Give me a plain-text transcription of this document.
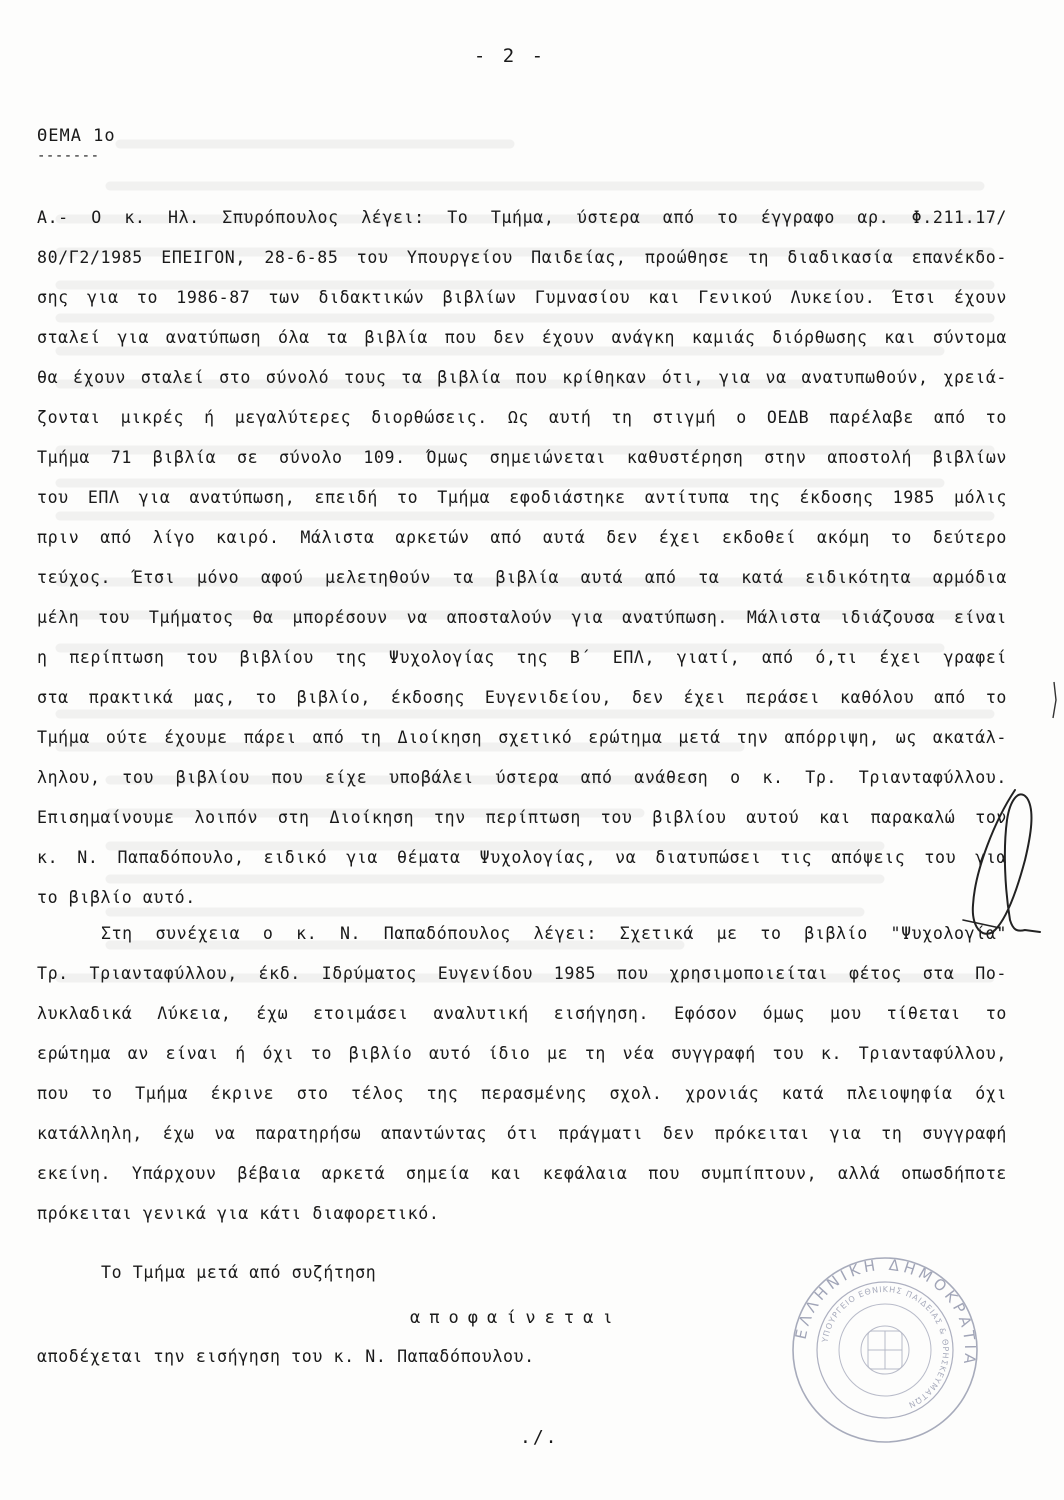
- 2 -
ΘΕΜΑ 1ο
-------
Α.- Ο κ. Ηλ. Σπυρόπουλος λέγει: Το Τμήμα, ύστερα από το έγγραφο αρ. Φ.211.17/
80/Γ2/1985 ΕΠΕΙΓΟΝ, 28-6-85 του Υπουργείου Παιδείας, προώθησε τη διαδικασία επανέκδο-
σης για το 1986-87 των διδακτικών βιβλίων Γυμνασίου και Γενικού Λυκείου. Έτσι έχουν
σταλεί για ανατύπωση όλα τα βιβλία που δεν έχουν ανάγκη καμιάς διόρθωσης και σύντομα
θα έχουν σταλεί στο σύνολό τους τα βιβλία που κρίθηκαν ότι, για να ανατυπωθούν, χρειά-
ζονται μικρές ή μεγαλύτερες διορθώσεις. Ως αυτή τη στιγμή ο ΟΕΔΒ παρέλαβε από το
Τμήμα 71 βιβλία σε σύνολο 109. Όμως σημειώνεται καθυστέρηση στην αποστολή βιβλίων
του ΕΠΛ για ανατύπωση, επειδή το Τμήμα εφοδιάστηκε αντίτυπα της έκδοσης 1985 μόλις
πριν από λίγο καιρό. Μάλιστα αρκετών από αυτά δεν έχει εκδοθεί ακόμη το δεύτερο
τεύχος. Έτσι μόνο αφού μελετηθούν τα βιβλία αυτά από τα κατά ειδικότητα αρμόδια
μέλη του Τμήματος θα μπορέσουν να αποσταλούν για ανατύπωση. Μάλιστα ιδιάζουσα είναι
η περίπτωση του βιβλίου της Ψυχολογίας της Β΄ ΕΠΛ, γιατί, από ό,τι έχει γραφεί
στα πρακτικά μας, το βιβλίο, έκδοσης Ευγενιδείου, δεν έχει περάσει καθόλου από το
Τμήμα ούτε έχουμε πάρει από τη Διοίκηση σχετικό ερώτημα μετά την απόρριψη, ως ακατάλ-
ληλου, του βιβλίου που είχε υποβάλει ύστερα από ανάθεση ο κ. Τρ. Τριανταφύλλου.
Επισημαίνουμε λοιπόν στη Διοίκηση την περίπτωση του βιβλίου αυτού και παρακαλώ τον
κ. Ν. Παπαδόπουλο, ειδικό για θέματα Ψυχολογίας, να διατυπώσει τις απόψεις του για
το βιβλίο αυτό.
Στη συνέχεια ο κ. Ν. Παπαδόπουλος λέγει: Σχετικά με το βιβλίο "Ψυχολογία"
Τρ. Τριανταφύλλου, έκδ. Ιδρύματος Ευγενίδου 1985 που χρησιμοποιείται φέτος στα Πο-
λυκλαδικά Λύκεια, έχω ετοιμάσει αναλυτική εισήγηση. Εφόσον όμως μου τίθεται το
ερώτημα αν είναι ή όχι το βιβλίο αυτό ίδιο με τη νέα συγγραφή του κ. Τριανταφύλλου,
που το Τμήμα έκρινε στο τέλος της περασμένης σχολ. χρονιάς κατά πλειοψηφία όχι
κατάλληλη, έχω να παρατηρήσω απαντώντας ότι πράγματι δεν πρόκειται για τη συγγραφή
εκείνη. Υπάρχουν βέβαια αρκετά σημεία και κεφάλαια που συμπίπτουν, αλλά οπωσδήποτε
πρόκειται γενικά για κάτι διαφορετικό.
Το Τμήμα μετά από συζήτηση
αποφαίνεται
αποδέχεται την εισήγηση του κ. Ν. Παπαδόπουλου.
./.
ΕΛΛΗΝΙΚΗ ΔΗΜΟΚΡΑΤΙΑ
ΥΠΟΥΡΓΕΙΟ ΕΘΝΙΚΗΣ ΠΑΙΔΕΙΑΣ & ΘΡΗΣΚΕΥΜΑΤΩΝ
